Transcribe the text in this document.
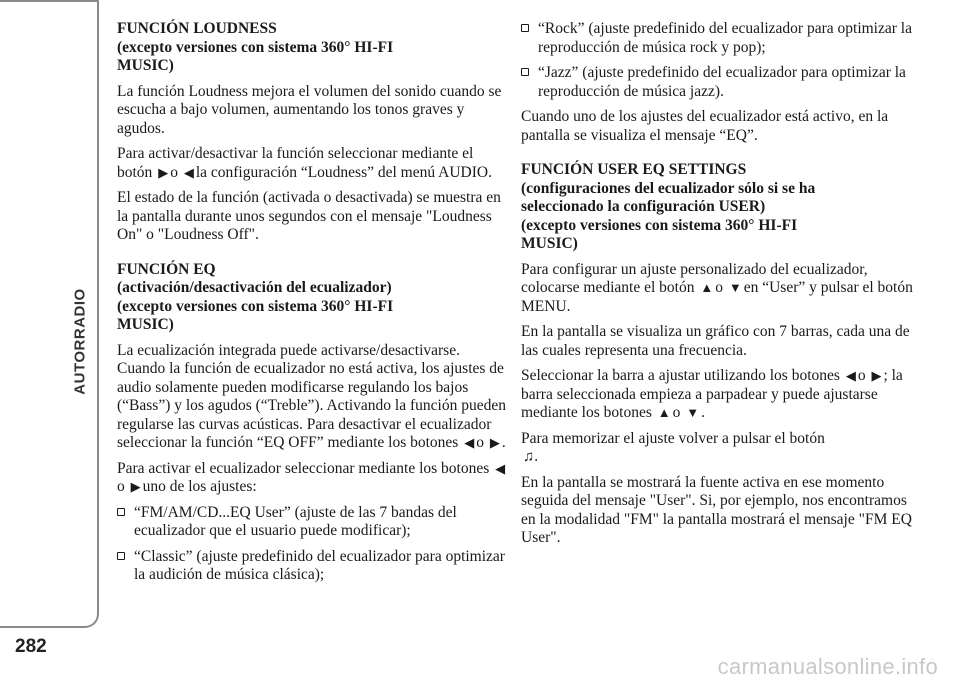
AUTORRADIO
282
carmanualsonline.info
FUNCIÓN LOUDNESS
(excepto versiones con sistema 360° HI-FI
MUSIC)

La función Loudness mejora el volumen del sonido cuando se escucha a bajo volumen, aumentando los tonos graves y agudos.

Para activar/desactivar la función seleccionar mediante el botón ▶ o ◀ la configuración “Loudness” del menú AUDIO.

El estado de la función (activada o desactivada) se muestra en la pantalla durante unos segundos con el mensaje "Loudness On" o "Loudness Off".

FUNCIÓN EQ
(activación/desactivación del ecualizador)
(excepto versiones con sistema 360° HI-FI
MUSIC)

La ecualización integrada puede activarse/desactivarse. Cuando la función de ecualizador no está activa, los ajustes de audio solamente pueden modificarse regulando los bajos (“Bass”) y los agudos (“Treble”). Activando la función pueden regularse las curvas acústicas. Para desactivar el ecualizador seleccionar la función “EQ OFF” mediante los botones ◀ o ▶ .

Para activar el ecualizador seleccionar mediante los botones ◀o ▶ uno de los ajustes:

“FM/AM/CD...EQ User” (ajuste de las 7 bandas del ecualizador que el usuario puede modificar);
“Classic” (ajuste predefinido del ecualizador para optimizar la audición de música clásica);
“Rock” (ajuste predefinido del ecualizador para optimizar la reproducción de música rock y pop);
“Jazz” (ajuste predefinido del ecualizador para optimizar la reproducción de música jazz).

Cuando uno de los ajustes del ecualizador está activo, en la pantalla se visualiza el mensaje “EQ”.

FUNCIÓN USER EQ SETTINGS
(configuraciones del ecualizador sólo si se ha
seleccionado la configuración USER)
(excepto versiones con sistema 360° HI-FI
MUSIC)

Para configurar un ajuste personalizado del ecualizador, colocarse mediante el botón ▲ o ▼ en “User” y pulsar el botón MENU.

En la pantalla se visualiza un gráfico con 7 barras, cada una de las cuales representa una frecuencia.

Seleccionar la barra a ajustar utilizando los botones ◀ o ▶ ; la barra seleccionada empieza a parpadear y puede ajustarse mediante los botones ▲ o ▼ .

Para memorizar el ajuste volver a pulsar el botón
♫.

En la pantalla se mostrará la fuente activa en ese momento seguida del mensaje "User". Si, por ejemplo, nos encontramos en la modalidad "FM" la pantalla mostrará el mensaje "FM EQ User".
